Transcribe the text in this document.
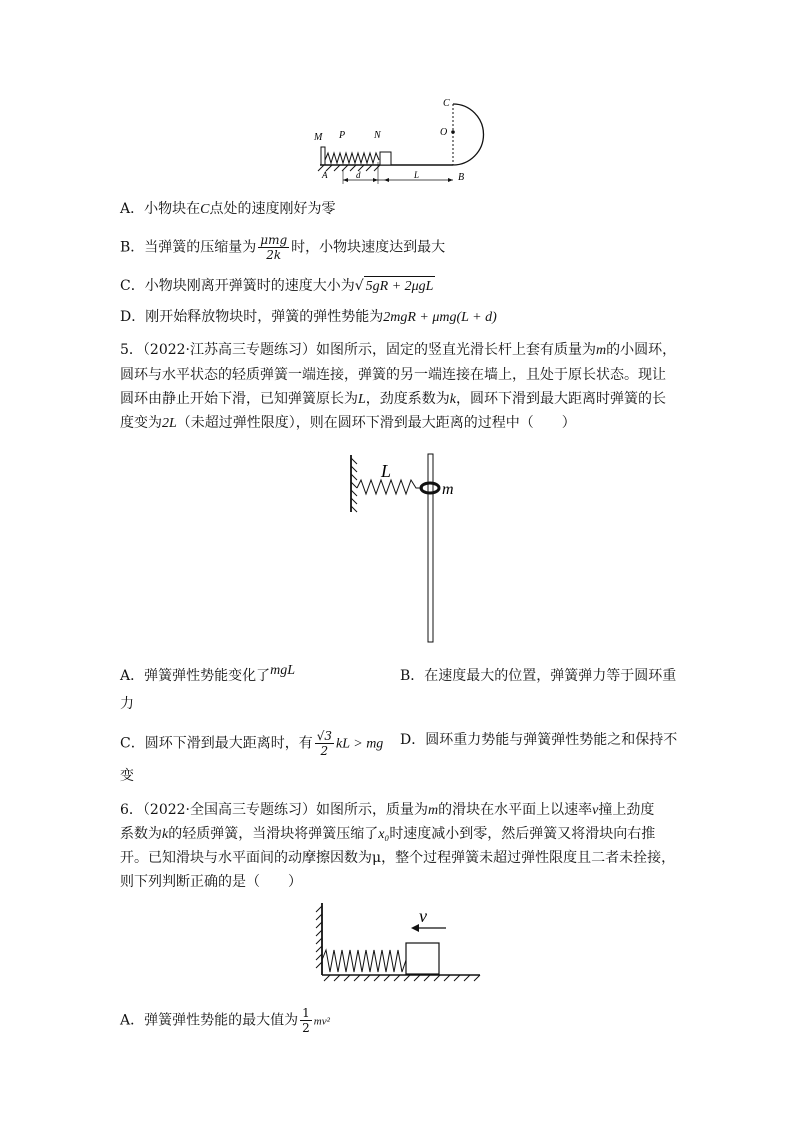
M P	N
C
O
A	d	L	B
A．小物块在C点处的速度刚好为零
B．当弹簧的压缩量为 $\frac{\text{μmg}}{2k}$ 时，小物块速度达到最大
C．小物块刚离开弹簧时的速度大小为√ 5gR + 2μgL
D．刚开始释放物块时，弹簧的弹性势能为2mgR + μmg(L + d)
5．（2022·江苏高三专题练习）如图所示，固定的竖直光滑长杆上套有质量为m的小圆环，
圆环与水平状态的轻质弹簧一端连接，弹簧的另一端连接在墙上，且处于原长状态。现让
圆环由静止开始下滑，已知弹簧原长为L，劲度系数为k，圆环下滑到最大距离时弹簧的长
度变为2L（未超过弹性限度），则在圆环下滑到最大距离的过程中（　　）
L
m
A．弹簧弹性势能变化了mgL	B．在速度最大的位置，弹簧弹力等于圆环重
力
C．圆环下滑到最大距离时，有 $\frac{√3}{2}$ kL > mg D．圆环重力势能与弹簧弹性势能之和保持不
变
6．（2022·全国高三专题练习）如图所示，质量为m的滑块在水平面上以速率v撞上劲度
系数为k的轻质弹簧，当滑块将弹簧压缩了x₀时速度减小到零，然后弹簧又将滑块向右推
开。已知滑块与水平面间的动摩擦因数为μ，整个过程弹簧未超过弹性限度且二者未拴接，
则下列判断正确的是（　　）
v
A．弹簧弹性势能的最大值为 $\frac{1}{2} mv^2$
